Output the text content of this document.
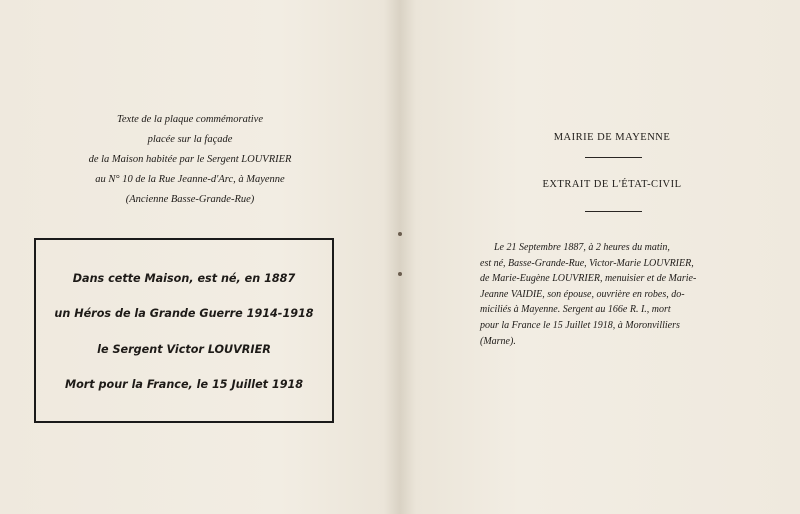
Texte de la plaque commémorative
placée sur la façade
de la Maison habitée par le Sergent LOUVRIER
au N° 10 de la Rue Jeanne-d'Arc, à Mayenne
(Ancienne Basse-Grande-Rue)
Dans cette Maison, est né, en 1887
un Héros de la Grande Guerre 1914-1918
le Sergent Victor LOUVRIER
Mort pour la France, le 15 Juillet 1918
MAIRIE DE MAYENNE
EXTRAIT DE L'ÉTAT-CIVIL
Le 21 Septembre 1887, à 2 heures du matin,
est né, Basse-Grande-Rue, Victor-Marie LOUVRIER,
de Marie-Eugène LOUVRIER, menuisier et de Marie-
Jeanne VAIDIE, son épouse, ouvrière en robes, do-
miciliés à Mayenne. Sergent au 166e R. I., mort
pour la France le 15 Juillet 1918, à Moronvilliers
(Marne).
